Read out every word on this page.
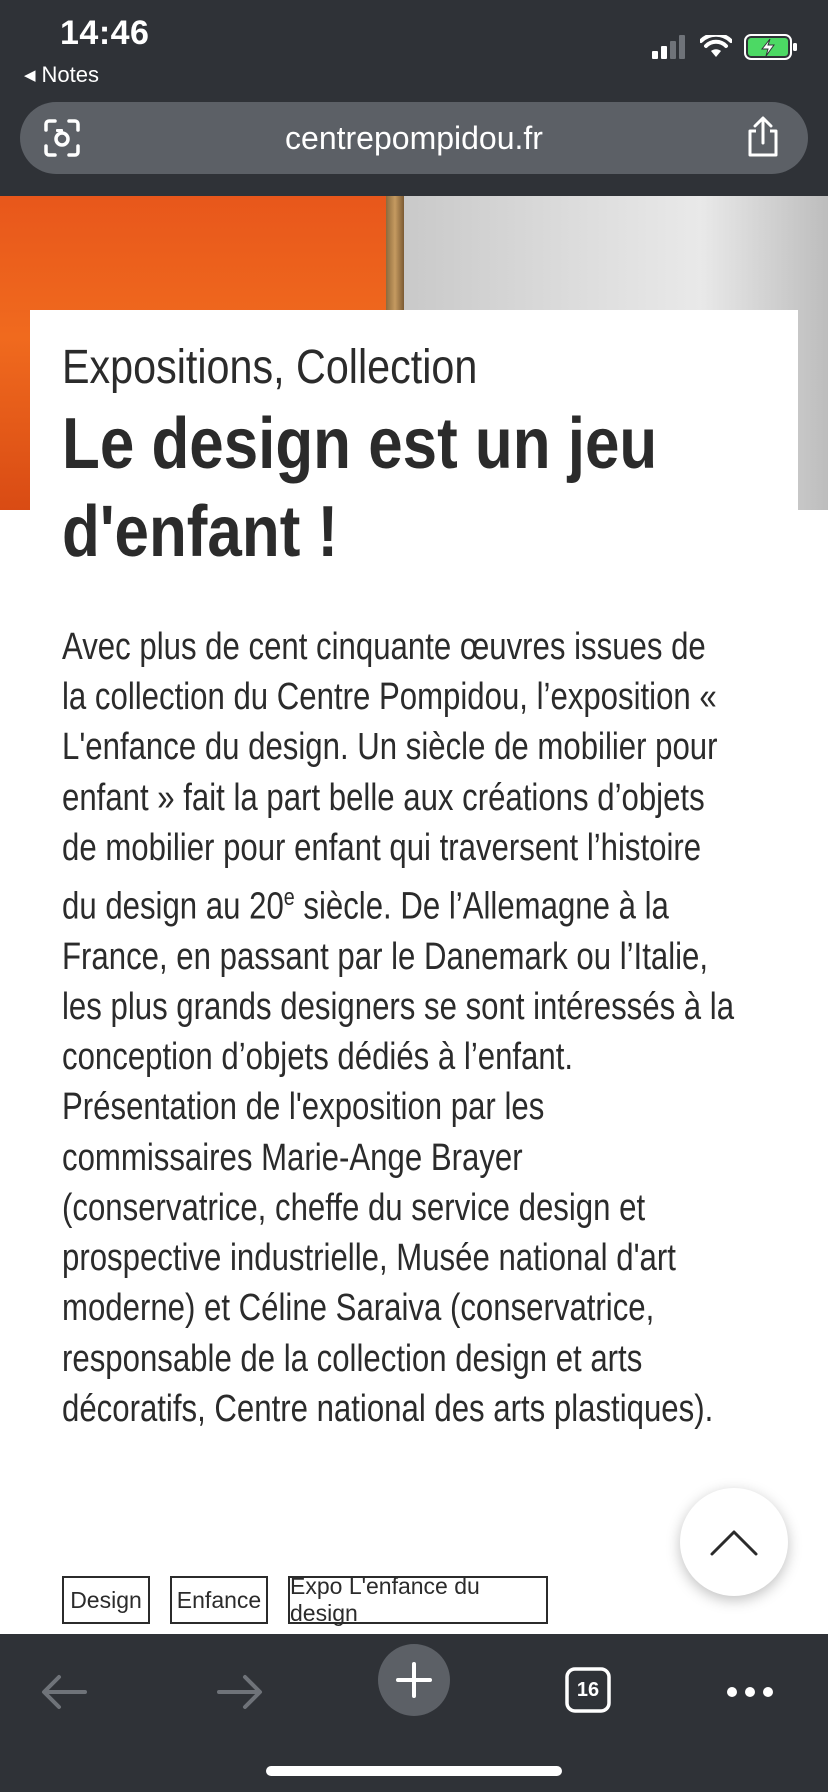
14:46
◀ Notes
centrepompidou.fr
Expositions, Collection
Le design est un jeu d'enfant !

Avec plus de cent cinquante œuvres issues de la collection du Centre Pompidou, l’exposition « L'enfance du design. Un siècle de mobilier pour enfant » fait la part belle aux créations d’objets de mobilier pour enfant qui traversent l’histoire du design au 20e siècle. De l’Allemagne à la France, en passant par le Danemark ou l’Italie, les plus grands designers se sont intéressés à la conception d’objets dédiés à l’enfant. Présentation de l'exposition par les commissaires Marie-Ange Brayer (conservatrice, cheffe du service design et prospective industrielle, Musée national d'art moderne) et Céline Saraiva (conservatrice, responsable de la collection design et arts décoratifs, Centre national des arts plastiques).

Design	Enfance
Expo L'enfance du design
16
